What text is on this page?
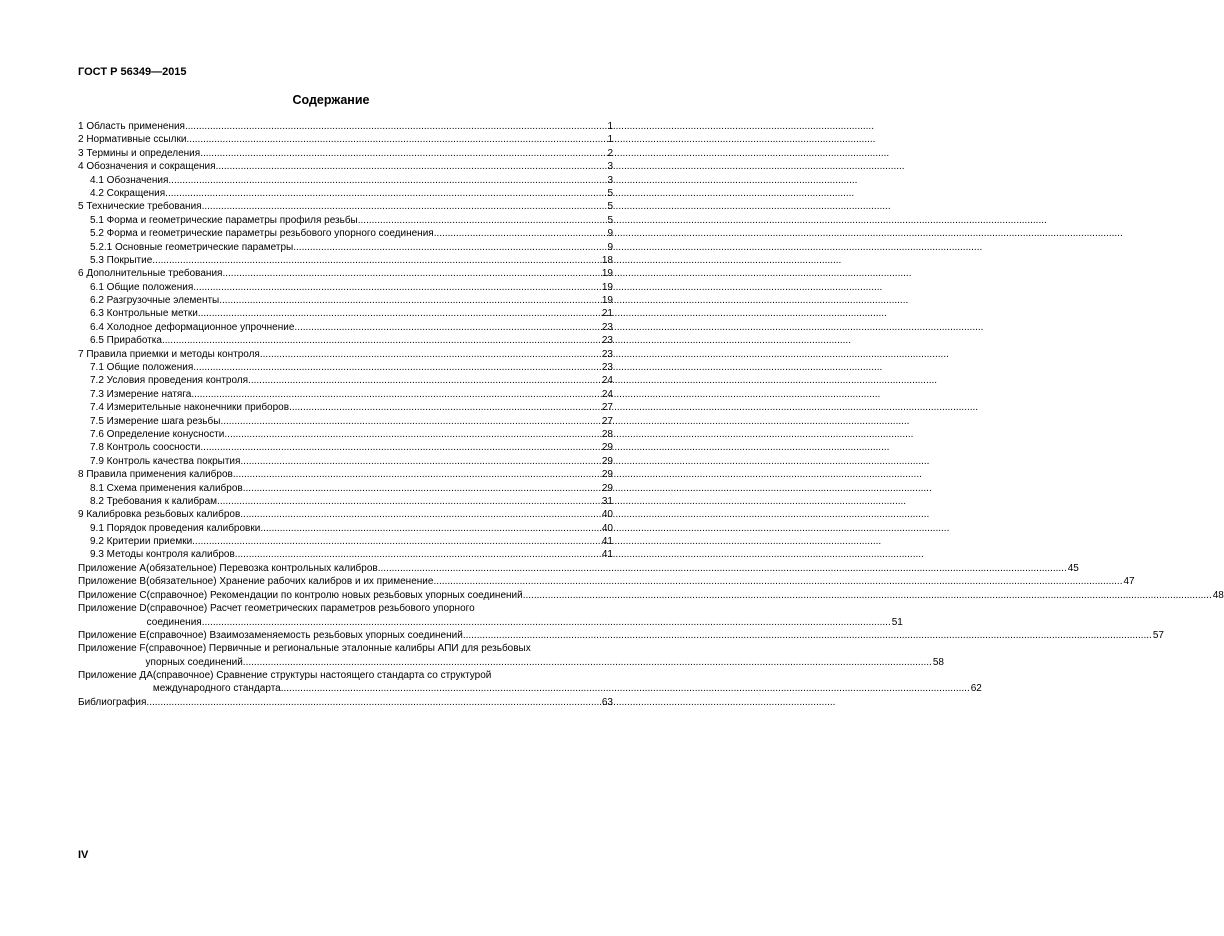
ГОСТ Р 56349—2015
Содержание
1 Область применения .....	1
2 Нормативные ссылки .....	1
3 Термины и определения .....	2
4 Обозначения и сокращения .....	3
4.1 Обозначения .....	3
4.2 Сокращения .....	5
5 Технические требования .....	5
5.1 Форма и геометрические параметры профиля резьбы .....	5
5.2 Форма и геометрические параметры резьбового упорного соединения .....	9
5.2.1 Основные геометрические параметры .....	9
5.3 Покрытие .....	18
6 Дополнительные требования .....	19
6.1 Общие положения .....	19
6.2 Разгрузочные элементы .....	19
6.3 Контрольные метки .....	21
6.4 Холодное деформационное упрочнение .....	23
6.5 Приработка .....	23
7 Правила приемки и методы контроля .....	23
7.1 Общие положения .....	23
7.2 Условия проведения контроля .....	24
7.3 Измерение натяга .....	24
7.4 Измерительные наконечники приборов .....	27
7.5 Измерение шага резьбы .....	27
7.6 Определение конусности .....	28
7.8 Контроль соосности .....	29
7.9 Контроль качества покрытия .....	29
8 Правила применения калибров .....	29
8.1 Схема применения калибров .....	29
8.2 Требования к калибрам .....	31
9 Калибровка резьбовых калибров .....	40
9.1 Порядок проведения калибровки .....	40
9.2 Критерии приемки .....	41
9.3 Методы контроля калибров .....	41
Приложение А (обязательное) Перевозка контрольных калибров .....	45
Приложение В (обязательное) Хранение рабочих калибров и их применение .....	47
Приложение С (справочное) Рекомендации по контролю новых резьбовых упорных соединений .....	48
Приложение D (справочное) Расчет геометрических параметров резьбового упорного
соединения .....	51
Приложение E (справочное) Взаимозаменяемость резьбовых упорных соединений .....	57
Приложение F (справочное) Первичные и региональные эталонные калибры АПИ для резьбовых
упорных соединений .....	58
Приложение ДА (справочное) Сравнение структуры настоящего стандарта со структурой
международного стандарта .....	62
Библиография .....	63
IV
